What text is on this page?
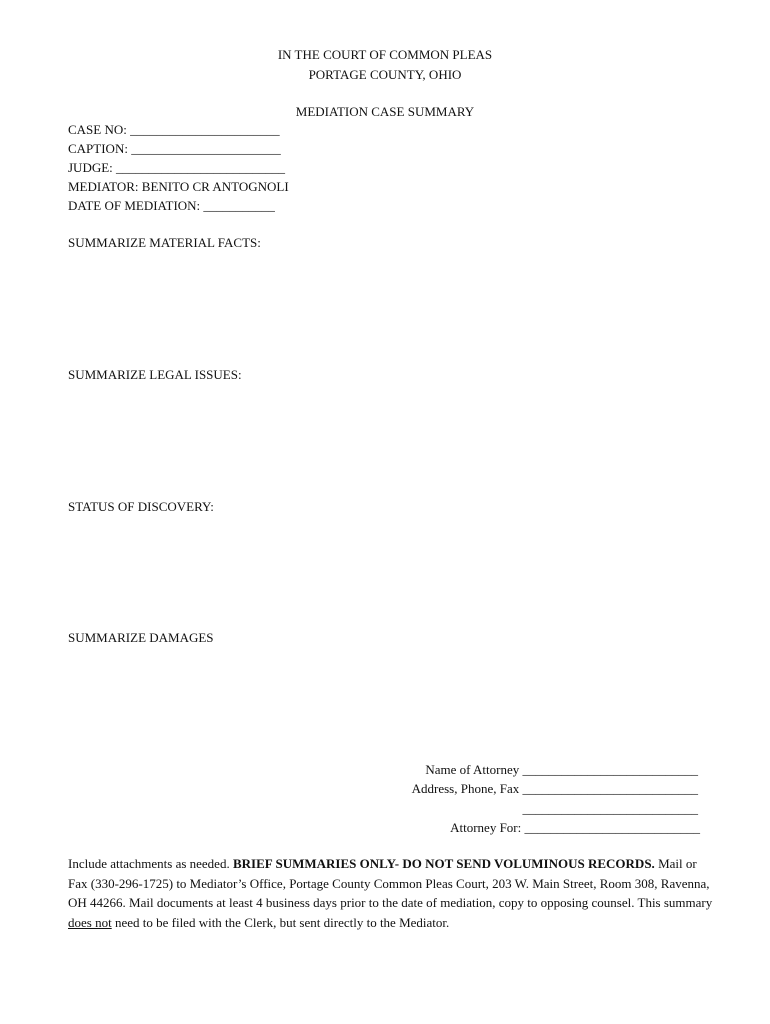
IN THE COURT OF COMMON PLEAS
PORTAGE COUNTY, OHIO
MEDIATION CASE SUMMARY
CASE NO: _______________________
CAPTION: _______________________
JUDGE: __________________________
MEDIATOR: BENITO CR ANTOGNOLI
DATE OF MEDIATION: ___________
SUMMARIZE MATERIAL FACTS:
SUMMARIZE LEGAL ISSUES:
STATUS OF DISCOVERY:
SUMMARIZE DAMAGES
Name of Attorney ___________________________
Address, Phone, Fax ___________________________
___________________________
Attorney For: ___________________________
Include attachments as needed. BRIEF SUMMARIES ONLY- DO NOT SEND VOLUMINOUS RECORDS. Mail or Fax (330-296-1725) to Mediator’s Office, Portage County Common Pleas Court, 203 W. Main Street, Room 308, Ravenna, OH 44266. Mail documents at least 4 business days prior to the date of mediation, copy to opposing counsel. This summary does not need to be filed with the Clerk, but sent directly to the Mediator.
